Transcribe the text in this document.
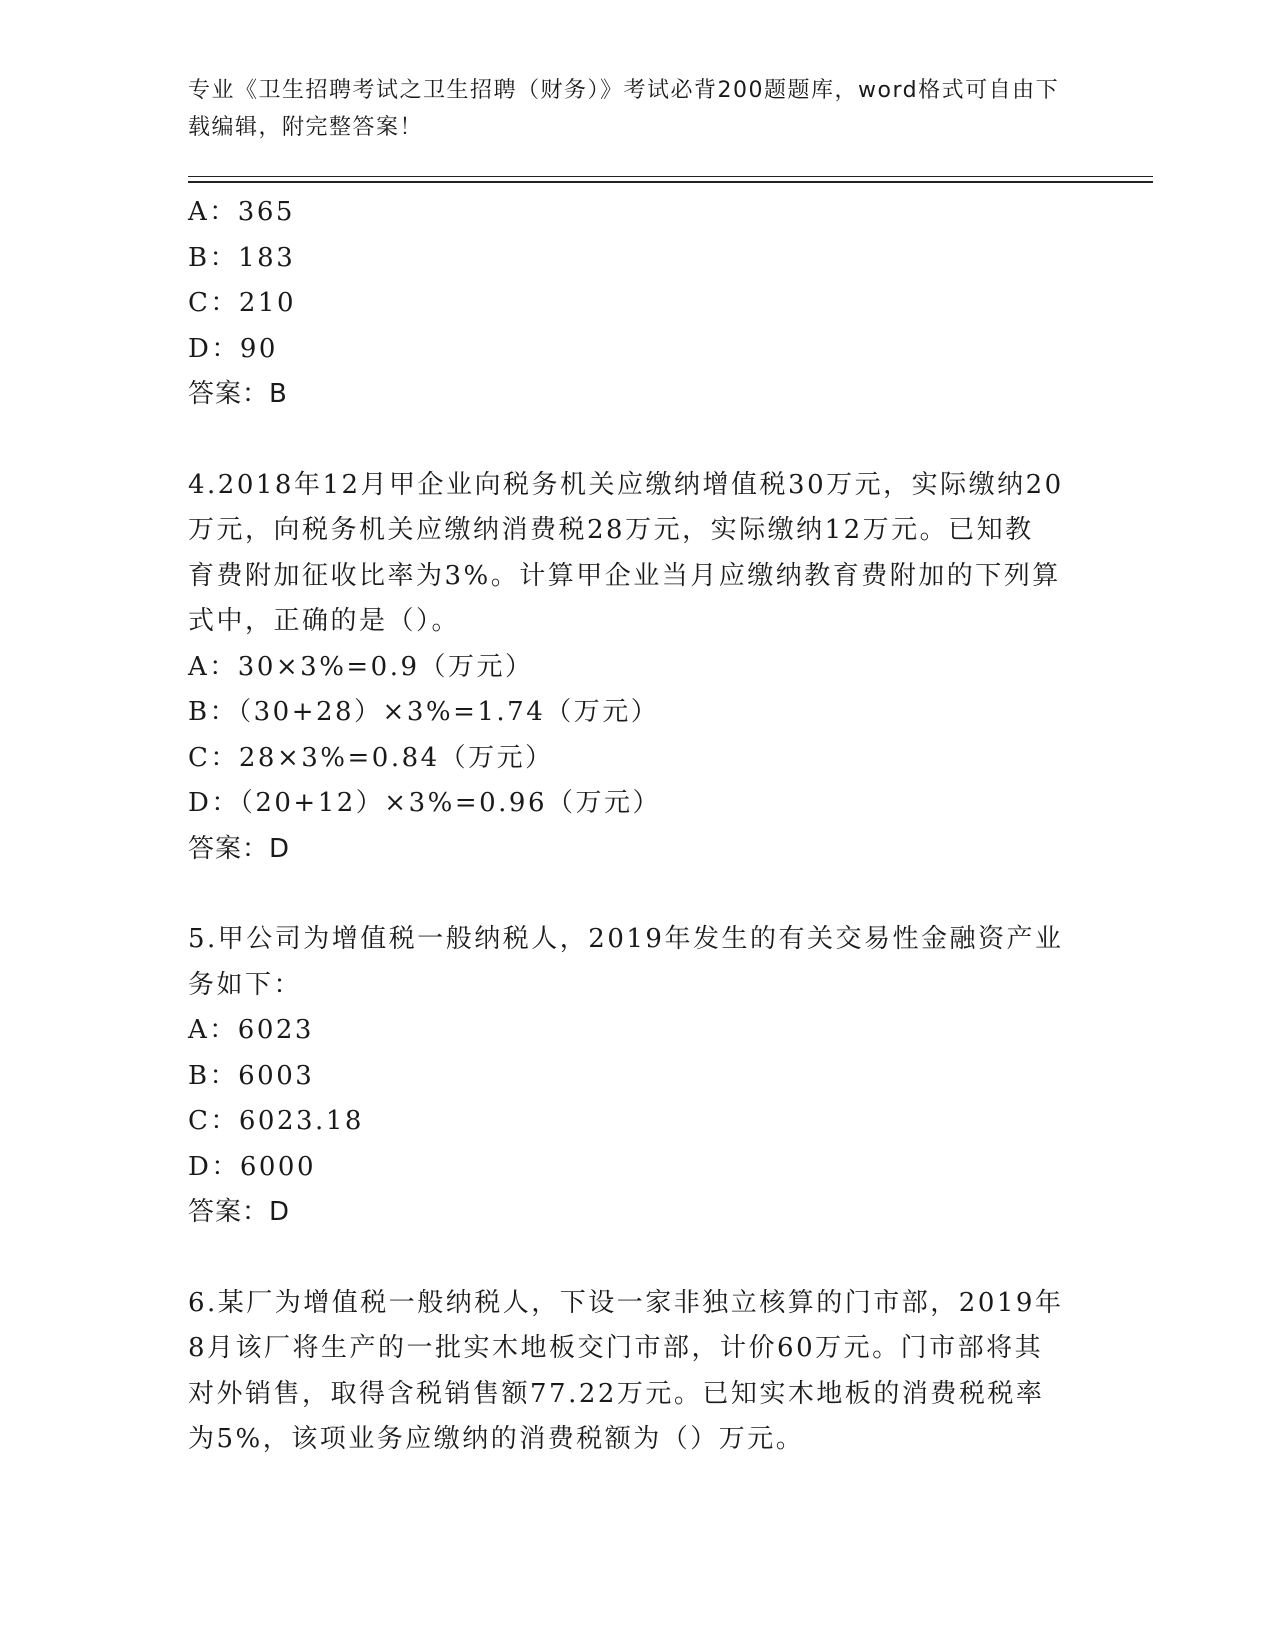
专业《卫生招聘考试之卫生招聘（财务）》考试必背200题题库，word格式可自由下载编辑，附完整答案！
A：365
B：183
C：210
D：90
答案：B
4.2018年12月甲企业向税务机关应缴纳增值税30万元，实际缴纳20
万元，向税务机关应缴纳消费税28万元，实际缴纳12万元。已知教
育费附加征收比率为3%。计算甲企业当月应缴纳教育费附加的下列算
式中，正确的是（）。
A：30×3%=0.9（万元）
B：（30+28）×3%=1.74（万元）
C：28×3%=0.84（万元）
D：（20+12）×3%=0.96（万元）
答案：D
5.甲公司为增值税一般纳税人，2019年发生的有关交易性金融资产业
务如下：
A：6023
B：6003
C：6023.18
D：6000
答案：D
6.某厂为增值税一般纳税人，下设一家非独立核算的门市部，2019年
8月该厂将生产的一批实木地板交门市部，计价60万元。门市部将其
对外销售，取得含税销售额77.22万元。已知实木地板的消费税税率
为5%，该项业务应缴纳的消费税额为（）万元。
